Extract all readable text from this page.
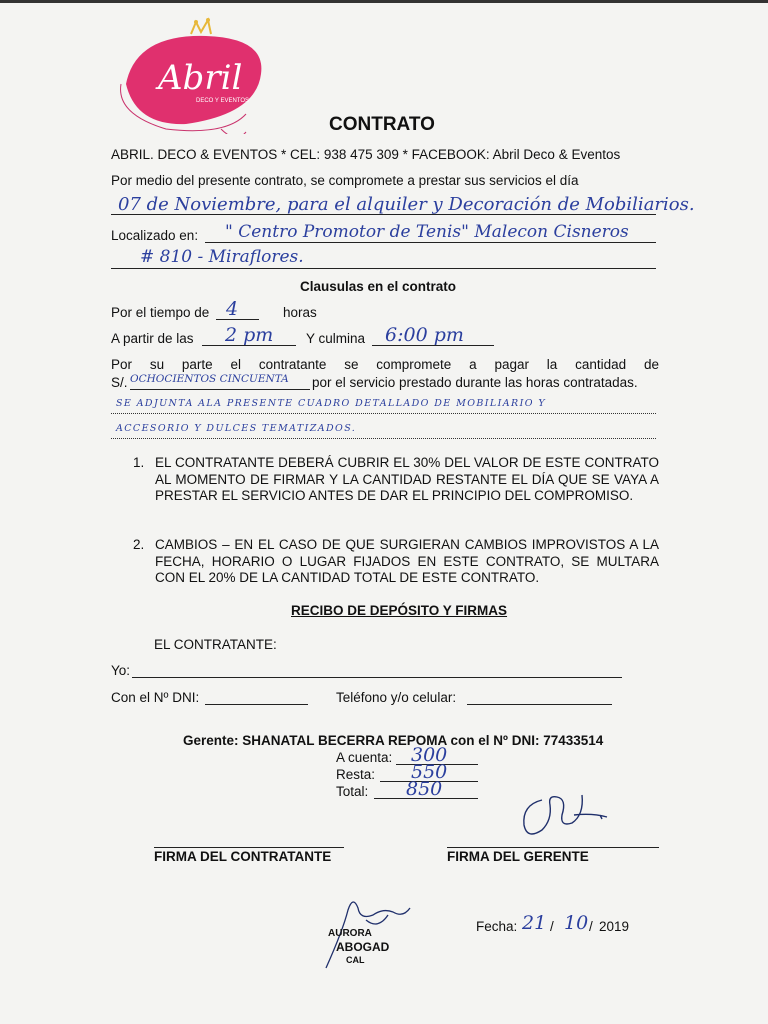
Abril
DECO Y EVENTOS
CONTRATO
ABRIL. DECO & EVENTOS * CEL: 938 475 309 * FACEBOOK: Abril Deco & Eventos
Por medio del presente contrato, se compromete a prestar sus servicios el día
07 de Noviembre, para el alquiler y Decoración de Mobiliarios.
Localizado en: " Centro Promotor de Tenis" Malecon Cisneros
# 810 - Miraflores.
Clausulas en el contrato
Por el tiempo de 4	horas
A partir de las 2 pm Y culmina 6:00 pm
Por su parte el contratante se compromete a pagar la cantidad de
S/. OCHOCIENTOS CINCUENTA por el servicio prestado durante las horas contratadas.
SE ADJUNTA ALA PRESENTE CUADRO DETALLADO DE MOBILIARIO Y
ACCESORIO Y DULCES TEMATIZADOS.
1. EL CONTRATANTE DEBERÁ CUBRIR EL 30% DEL VALOR DE ESTE CONTRATO AL MOMENTO DE FIRMAR Y LA CANTIDAD RESTANTE EL DÍA QUE SE VAYA A PRESTAR EL SERVICIO ANTES DE DAR EL PRINCIPIO DEL COMPROMISO.
2. CAMBIOS – EN EL CASO DE QUE SURGIERAN CAMBIOS IMPROVISTOS A LA FECHA, HORARIO O LUGAR FIJADOS EN ESTE CONTRATO, SE MULTARA CON EL 20% DE LA CANTIDAD TOTAL DE ESTE CONTRATO.
RECIBO DE DEPÓSITO Y FIRMAS
EL CONTRATANTE:
Yo:
Con el Nº DNI:	Teléfono y/o celular:
Gerente: SHANATAL BECERRA REPOMA con el Nº DNI: 77433514
A cuenta: 300
Resta: 550
Total: 850
FIRMA DEL CONTRATANTE	FIRMA DEL GERENTE
AURORA
ABOGAD
CAL
Fecha: 21 / 10 / 2019
